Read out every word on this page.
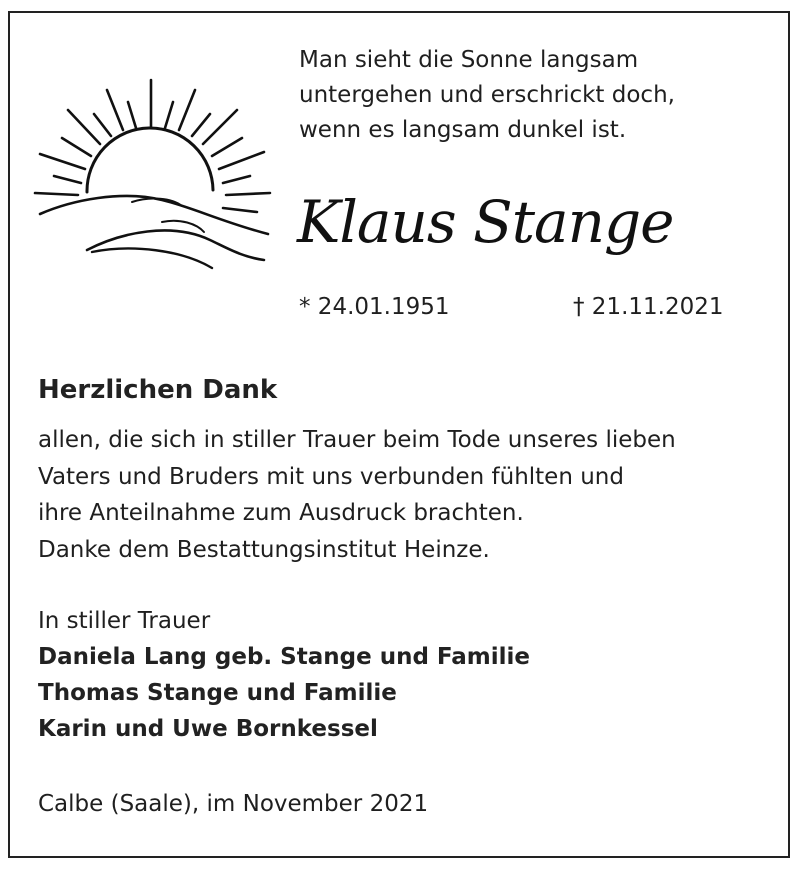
Man sieht die Sonne langsam
untergehen und erschrickt doch,
wenn es langsam dunkel ist.
Klaus Stange
* 24.01.1951	† 21.11.2021
Herzlichen Dank
allen, die sich in stiller Trauer beim Tode unseres lieben
Vaters und Bruders mit uns verbunden fühlten und
ihre Anteilnahme zum Ausdruck brachten.
Danke dem Bestattungsinstitut Heinze.
In stiller Trauer
Daniela Lang geb. Stange und Familie
Thomas Stange und Familie
Karin und Uwe Bornkessel
Calbe (Saale), im November 2021
